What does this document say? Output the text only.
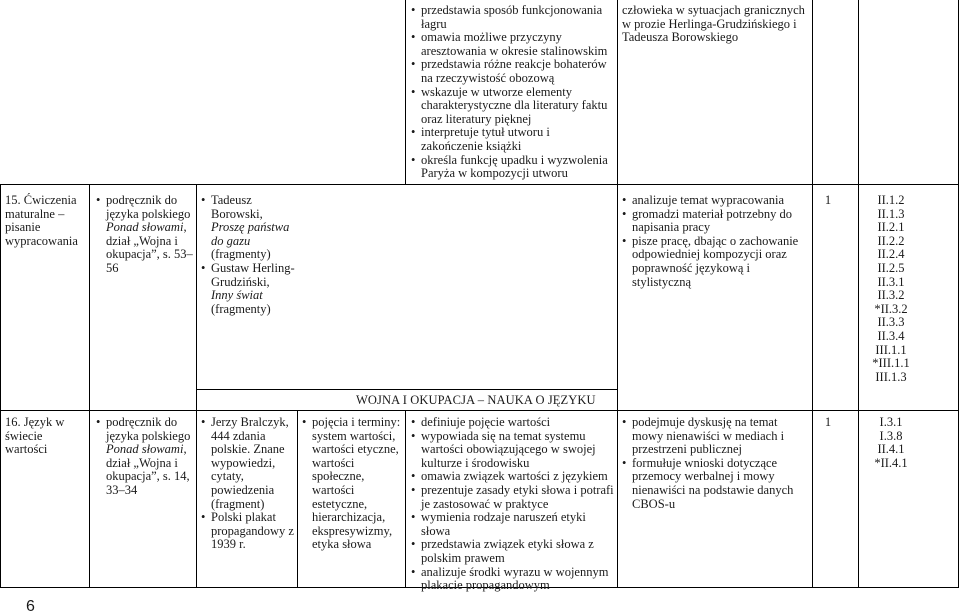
• przedstawia sposób funkcjonowania łagru
• omawia możliwe przyczyny aresztowania w okresie stalinowskim
• przedstawia różne reakcje bohaterów na rzeczywistość obozową
• wskazuje w utworze elementy charakterystyczne dla literatury faktu oraz literatury pięknej
• interpretuje tytuł utworu i zakończenie książki
• określa funkcję upadku i wyzwolenia Paryża w kompozycji utworu
człowieka w sytuacjach granicznych w prozie Herlinga-Grudzińskiego i Tadeusza Borowskiego
15. Ćwiczenia maturalne – pisanie wypracowania
• podręcznik do języka polskiego Ponad słowami, dział „Wojna i okupacja”, s. 53–56
• Tadeusz Borowski, Proszę państwa do gazu (fragmenty)
• Gustaw Herling-Grudziński, Inny świat (fragmenty)
• analizuje temat wypracowania
• gromadzi materiał potrzebny do napisania pracy
• pisze pracę, dbając o zachowanie odpowiedniej kompozycji oraz poprawność językową i stylistyczną
1	II.1.2
II.1.3
II.2.1
II.2.2
II.2.4
II.2.5
II.3.1
II.3.2
*II.3.2
II.3.3
II.3.4
III.1.1
*III.1.1
III.1.3
WOJNA I OKUPACJA – NAUKA O JĘZYKU
16. Język w świecie wartości
• podręcznik do języka polskiego Ponad słowami, dział „Wojna i okupacja”, s. 14, 33–34
• Jerzy Bralczyk, 444 zdania polskie. Znane wypowiedzi, cytaty, powiedzenia (fragment)
• Polski plakat propagandowy z 1939 r.
• pojęcia i terminy: system wartości, wartości etyczne, wartości społeczne, wartości estetyczne, hierarchizacja, ekspresywizmy, etyka słowa
• definiuje pojęcie wartości
• wypowiada się na temat systemu wartości obowiązującego w swojej kulturze i środowisku
• omawia związek wartości z językiem
• prezentuje zasady etyki słowa i potrafi je zastosować w praktyce
• wymienia rodzaje naruszeń etyki słowa
• przedstawia związek etyki słowa z polskim prawem
• analizuje środki wyrazu w wojennym plakacie propagandowym
• podejmuje dyskusję na temat mowy nienawiści w mediach i przestrzeni publicznej
• formułuje wnioski dotyczące przemocy werbalnej i mowy nienawiści na podstawie danych CBOS-u
1	I.3.1
I.3.8
II.4.1
*II.4.1
6
